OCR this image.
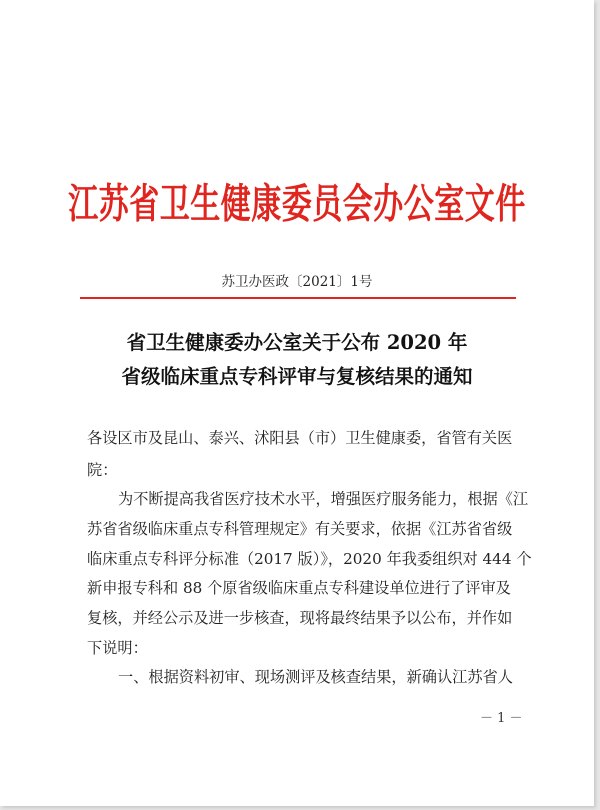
江苏省卫生健康委员会办公室文件
苏卫办医政〔2021〕1号
省卫生健康委办公室关于公布 2020 年
省级临床重点专科评审与复核结果的通知
各设区市及昆山、泰兴、沭阳县（市）卫生健康委，省管有关医
院：
为不断提高我省医疗技术水平，增强医疗服务能力，根据《江
苏省省级临床重点专科管理规定》有关要求，依据《江苏省省级
临床重点专科评分标准（2017 版）》，2020 年我委组织对 444 个
新申报专科和 88 个原省级临床重点专科建设单位进行了评审及
复核，并经公示及进一步核查，现将最终结果予以公布，并作如
下说明：
一、根据资料初审、现场测评及核查结果，新确认江苏省人
－ 1 －
